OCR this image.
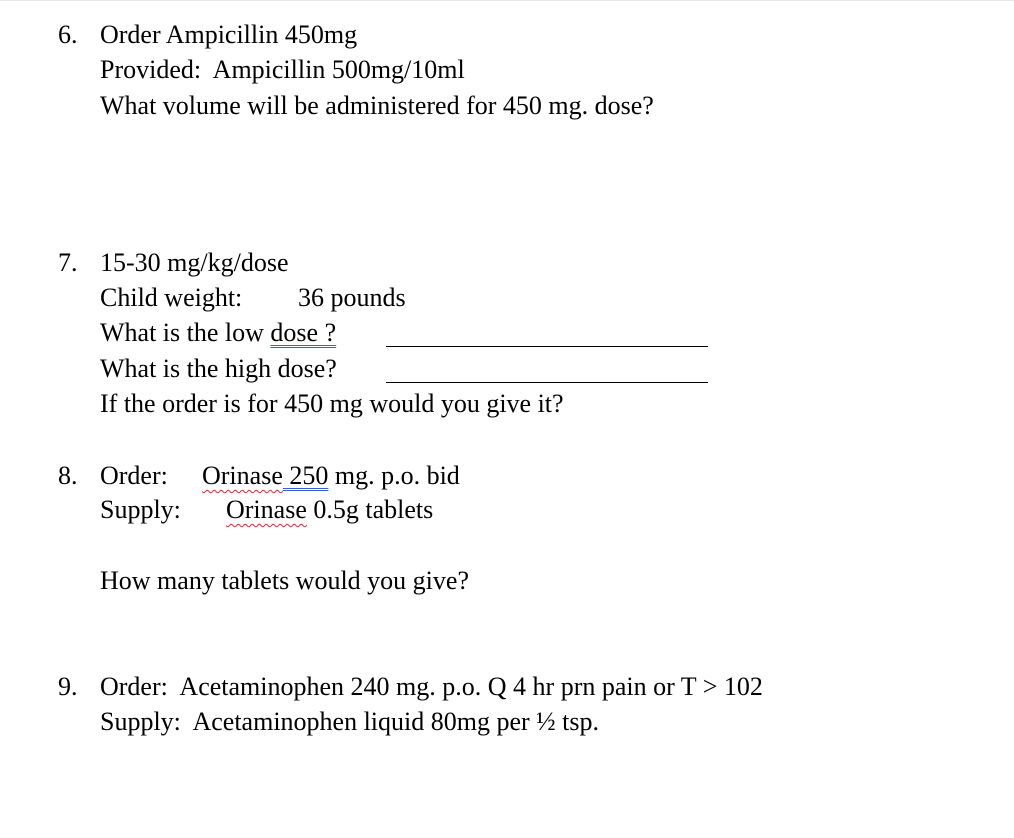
6. Order Ampicillin 450mg
Provided:  Ampicillin 500mg/10ml
What volume will be administered for 450 mg. dose?
7. 15-30 mg/kg/dose
Child weight: 36 pounds
What is the low dose ?
What is the high dose?
If the order is for 450 mg would you give it?
8. Order: Orinase 250 mg. p.o. bid
Supply: Orinase 0.5g tablets
How many tablets would you give?
9. Order:  Acetaminophen 240 mg. p.o. Q 4 hr prn pain or T > 102
Supply:  Acetaminophen liquid 80mg per ½ tsp.
